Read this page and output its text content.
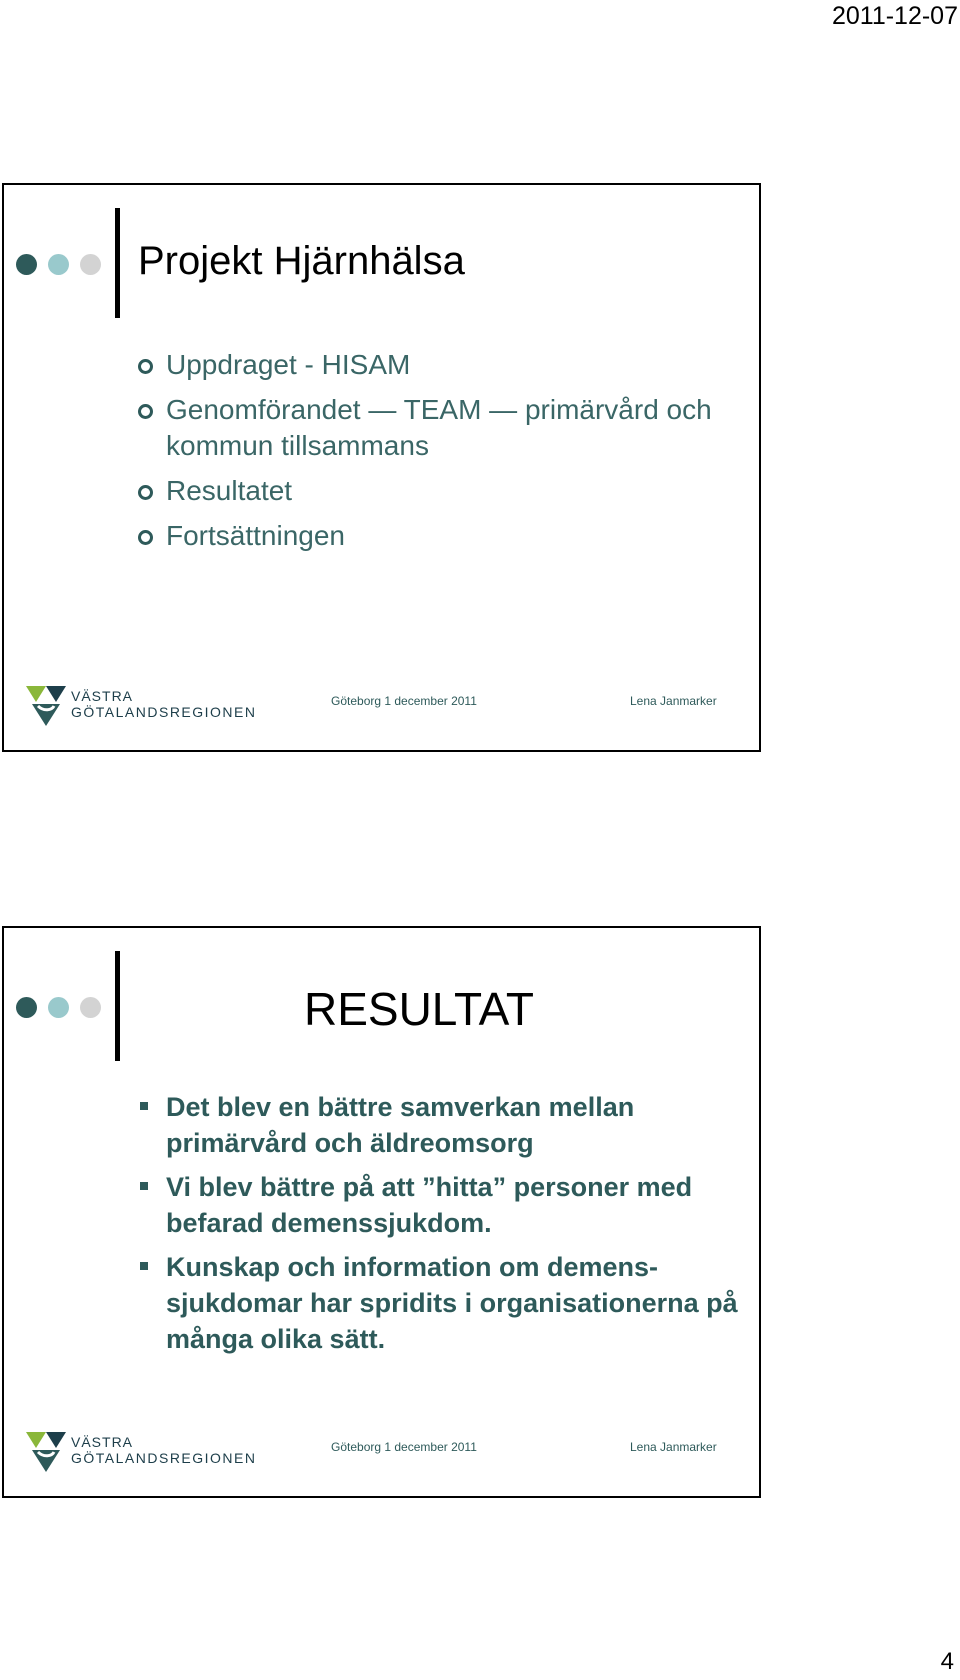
2011-12-07
Projekt Hjärnhälsa
Uppdraget - HISAM
Genomförandet — TEAM — primärvård och kommun tillsammans
Resultatet
Fortsättningen
VÄSTRA
GÖTALANDSREGIONEN
Göteborg 1 december 2011	Lena Janmarker
RESULTAT
Det blev en bättre samverkan mellan primärvård och äldreomsorg
Vi blev bättre på att ”hitta” personer med befarad demenssjukdom.
Kunskap och information om demens-sjukdomar har spridits i organisationerna på många olika sätt.
VÄSTRA
GÖTALANDSREGIONEN
Göteborg 1 december 2011	Lena Janmarker
4
